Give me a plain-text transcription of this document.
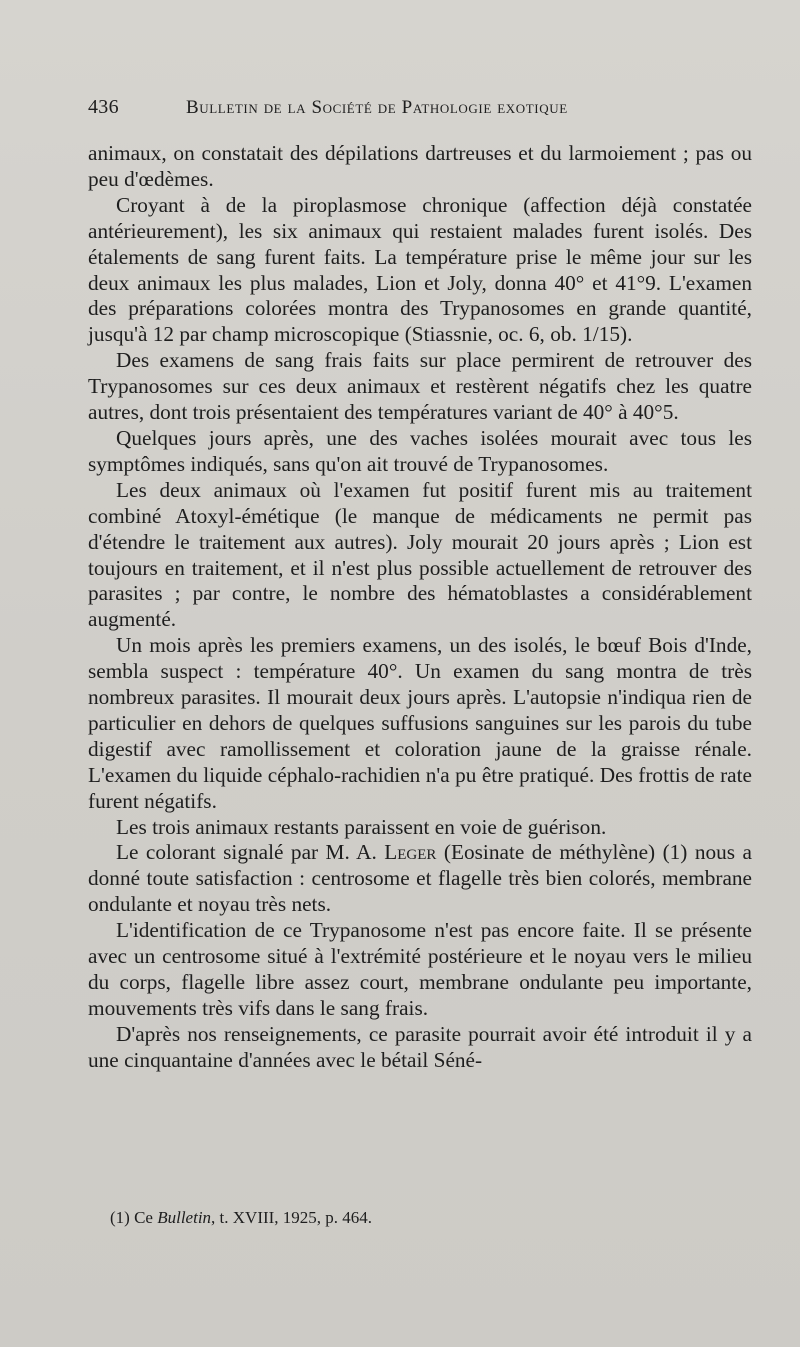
436	Bulletin de la Société de Pathologie exotique

animaux, on constatait des dépilations dartreuses et du larmoiement ; pas ou peu d'œdèmes.

Croyant à de la piroplasmose chronique (affection déjà constatée antérieurement), les six animaux qui restaient malades furent isolés. Des étalements de sang furent faits. La température prise le même jour sur les deux animaux les plus malades, Lion et Joly, donna 40° et 41°9. L'examen des préparations colorées montra des Trypanosomes en grande quantité, jusqu'à 12 par champ microscopique (Stiassnie, oc. 6, ob. 1/15).

Des examens de sang frais faits sur place permirent de retrouver des Trypanosomes sur ces deux animaux et restèrent négatifs chez les quatre autres, dont trois présentaient des températures variant de 40° à 40°5.

Quelques jours après, une des vaches isolées mourait avec tous les symptômes indiqués, sans qu'on ait trouvé de Trypanosomes.

Les deux animaux où l'examen fut positif furent mis au traitement combiné Atoxyl-émétique (le manque de médicaments ne permit pas d'étendre le traitement aux autres). Joly mourait 20 jours après ; Lion est toujours en traitement, et il n'est plus possible actuellement de retrouver des parasites ; par contre, le nombre des hématoblastes a considérablement augmenté.

Un mois après les premiers examens, un des isolés, le bœuf Bois d'Inde, sembla suspect : température 40°. Un examen du sang montra de très nombreux parasites. Il mourait deux jours après. L'autopsie n'indiqua rien de particulier en dehors de quelques suffusions sanguines sur les parois du tube digestif avec ramollissement et coloration jaune de la graisse rénale. L'examen du liquide céphalo-rachidien n'a pu être pratiqué. Des frottis de rate furent négatifs.

Les trois animaux restants paraissent en voie de guérison.

Le colorant signalé par M. A. Leger (Eosinate de méthylène) (1) nous a donné toute satisfaction : centrosome et flagelle très bien colorés, membrane ondulante et noyau très nets.

L'identification de ce Trypanosome n'est pas encore faite. Il se présente avec un centrosome situé à l'extrémité postérieure et le noyau vers le milieu du corps, flagelle libre assez court, membrane ondulante peu importante, mouvements très vifs dans le sang frais.

D'après nos renseignements, ce parasite pourrait avoir été introduit il y a une cinquantaine d'années avec le bétail Séné-

(1) Ce Bulletin, t. XVIII, 1925, p. 464.
